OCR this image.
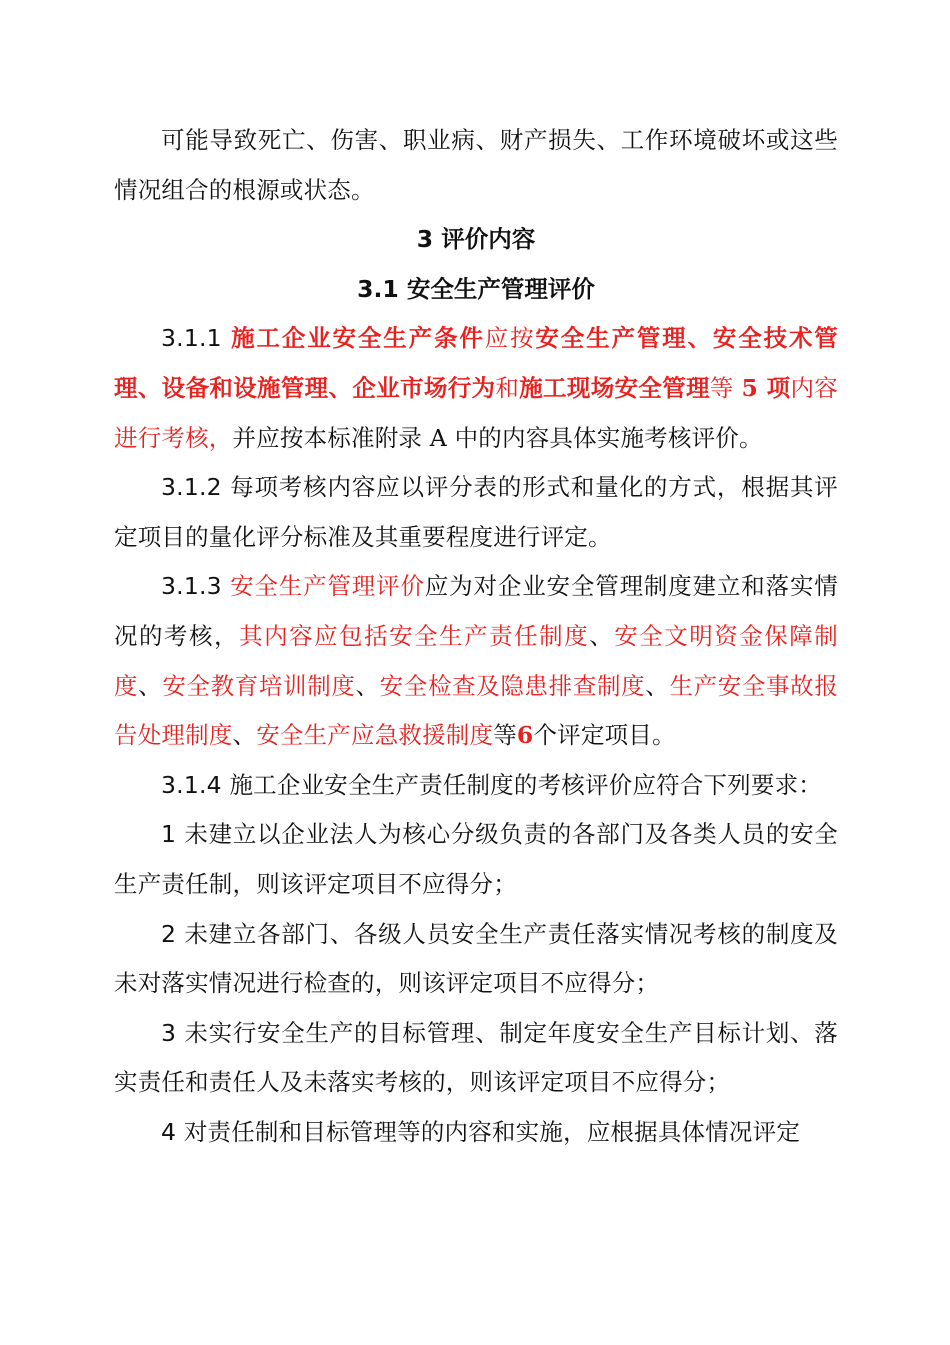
可能导致死亡、伤害、职业病、财产损失、工作环境破坏或这些情况组合的根源或状态。

3 评价内容

3.1 安全生产管理评价

3.1.1 施工企业安全生产条件应按安全生产管理、安全技术管理、设备和设施管理、企业市场行为和施工现场安全管理等 5 项内容进行考核，并应按本标准附录 A 中的内容具体实施考核评价。

3.1.2 每项考核内容应以评分表的形式和量化的方式，根据其评定项目的量化评分标准及其重要程度进行评定。

3.1.3 安全生产管理评价应为对企业安全管理制度建立和落实情况的考核，其内容应包括安全生产责任制度、安全文明资金保障制度、安全教育培训制度、安全检查及隐患排查制度、生产安全事故报告处理制度、安全生产应急救援制度等6个评定项目。

3.1.4 施工企业安全生产责任制度的考核评价应符合下列要求：

1 未建立以企业法人为核心分级负责的各部门及各类人员的安全生产责任制，则该评定项目不应得分；

2 未建立各部门、各级人员安全生产责任落实情况考核的制度及未对落实情况进行检查的，则该评定项目不应得分；

3 未实行安全生产的目标管理、制定年度安全生产目标计划、落实责任和责任人及未落实考核的，则该评定项目不应得分；

4 对责任制和目标管理等的内容和实施，应根据具体情况评定
